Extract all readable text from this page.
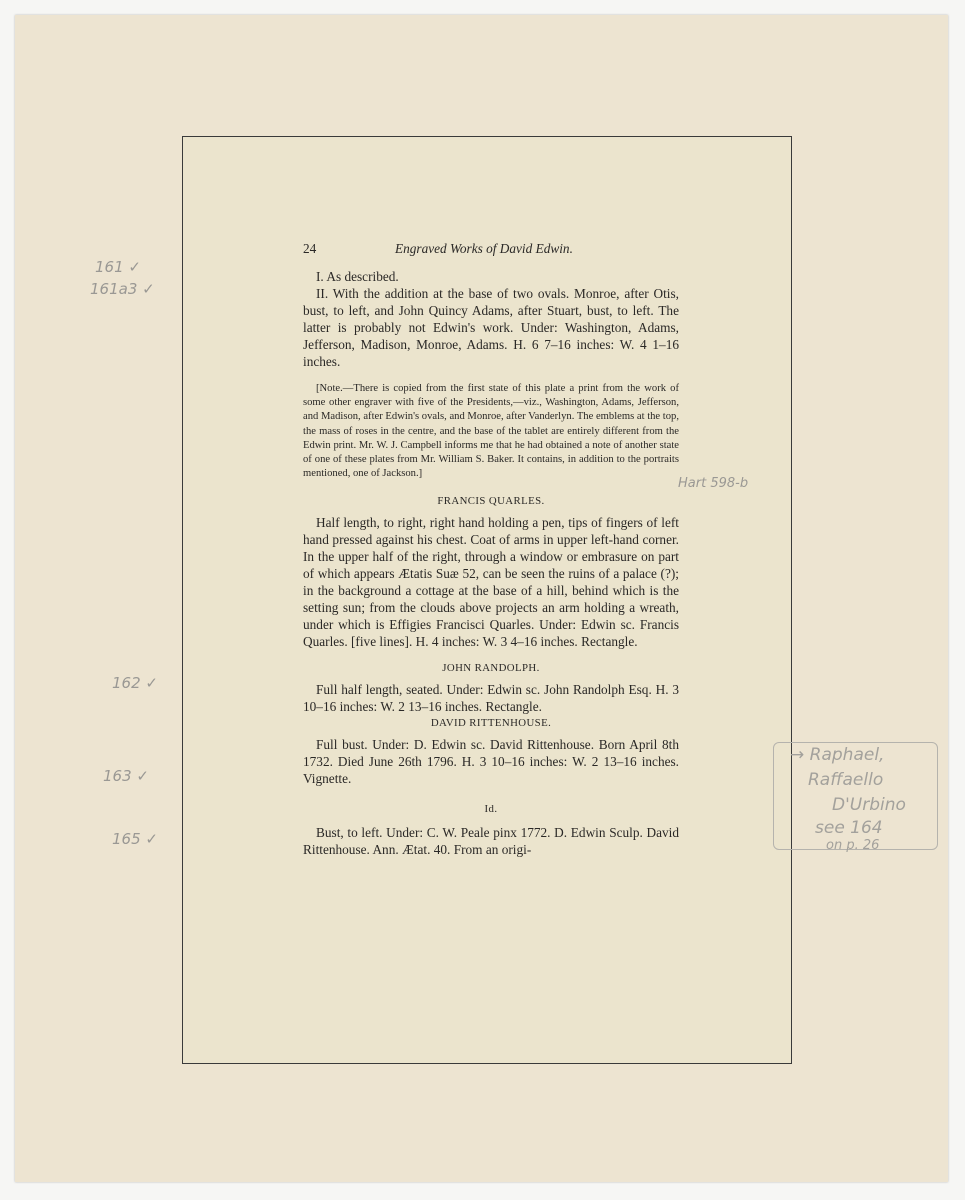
24	Engraved Works of David Edwin.

I. As described.

II. With the addition at the base of two ovals. Monroe, after Otis, bust, to left, and John Quincy Adams, after Stuart, bust, to left. The latter is probably not Edwin's work. Under: Washington, Adams, Jefferson, Madison, Monroe, Adams. H. 6 7–16 inches: W. 4 1–16 inches.

[Note.—There is copied from the first state of this plate a print from the work of some other engraver with five of the Presidents,—viz., Washington, Adams, Jefferson, and Madison, after Edwin's ovals, and Monroe, after Vanderlyn. The emblems at the top, the mass of roses in the centre, and the base of the tablet are entirely different from the Edwin print. Mr. W. J. Campbell informs me that he had obtained a note of another state of one of these plates from Mr. William S. Baker. It contains, in addition to the portraits mentioned, one of Jackson.]
FRANCIS QUARLES.

Half length, to right, right hand holding a pen, tips of fingers of left hand pressed against his chest. Coat of arms in upper left-hand corner. In the upper half of the right, through a window or embrasure on part of which appears Ætatis Suæ 52, can be seen the ruins of a palace (?); in the background a cottage at the base of a hill, behind which is the setting sun; from the clouds above projects an arm holding a wreath, under which is Effigies Francisci Quarles. Under: Edwin sc. Francis Quarles. [five lines]. H. 4 inches: W. 3 4–16 inches. Rectangle.

JOHN RANDOLPH.

Full half length, seated. Under: Edwin sc. John Randolph Esq. H. 3 10–16 inches: W. 2 13–16 inches. Rectangle.

DAVID RITTENHOUSE.

Full bust. Under: D. Edwin sc. David Rittenhouse. Born April 8th 1732. Died June 26th 1796. H. 3 10–16 inches: W. 2 13–16 inches. Vignette.

Id.

Bust, to left. Under: C. W. Peale pinx 1772. D. Edwin Sculp. David Rittenhouse. Ann. Ætat. 40. From an origi-

161 ✓
161a3 ✓
162 ✓
163 ✓
165 ✓
Hart 598-b
→ Raphael,
Raffaello
D'Urbino
see 164
on p. 26
